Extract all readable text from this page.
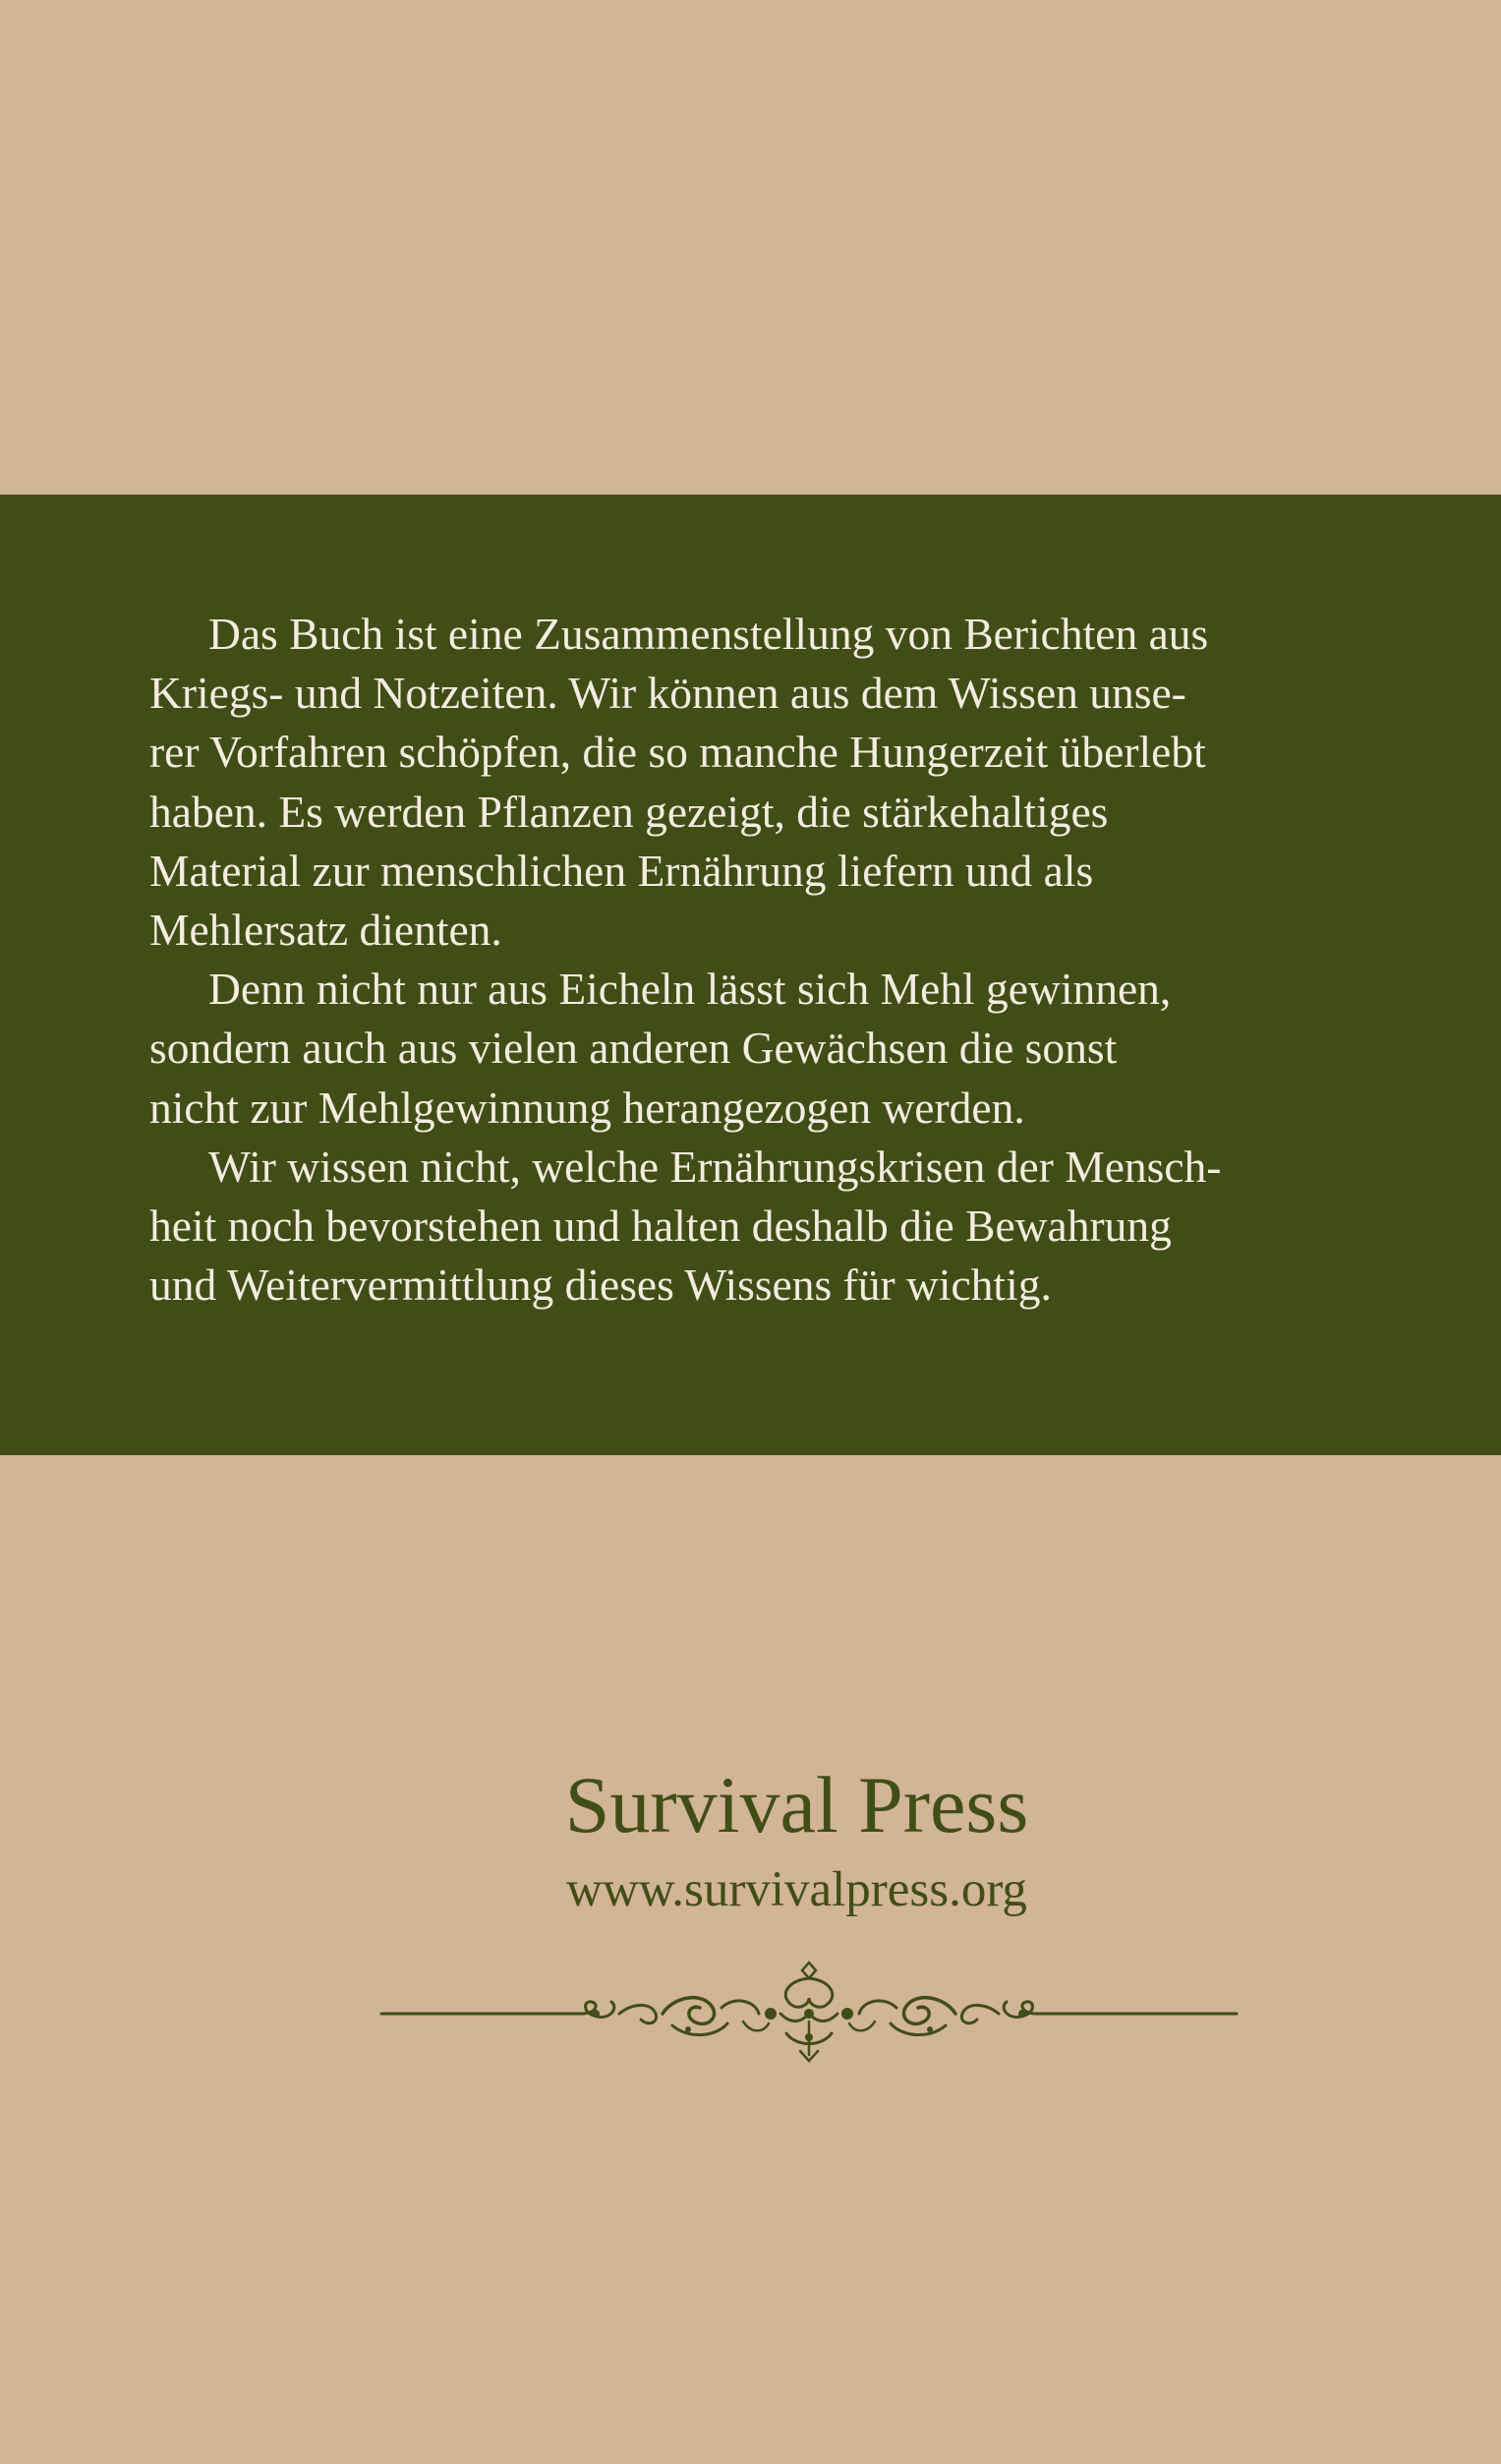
Das Buch ist eine Zusammenstellung von Berichten aus
Kriegs- und Notzeiten. Wir können aus dem Wissen unse-
rer Vorfahren schöpfen, die so manche Hungerzeit überlebt
haben. Es werden Pflanzen gezeigt, die stärkehaltiges
Material zur menschlichen Ernährung liefern und als
Mehlersatz dienten.
Denn nicht nur aus Eicheln lässt sich Mehl gewinnen,
sondern auch aus vielen anderen Gewächsen die sonst
nicht zur Mehlgewinnung herangezogen werden.
Wir wissen nicht, welche Ernährungskrisen der Mensch-
heit noch bevorstehen und halten deshalb die Bewahrung
und Weitervermittlung dieses Wissens für wichtig.
Survival Press
www.survivalpress.org
